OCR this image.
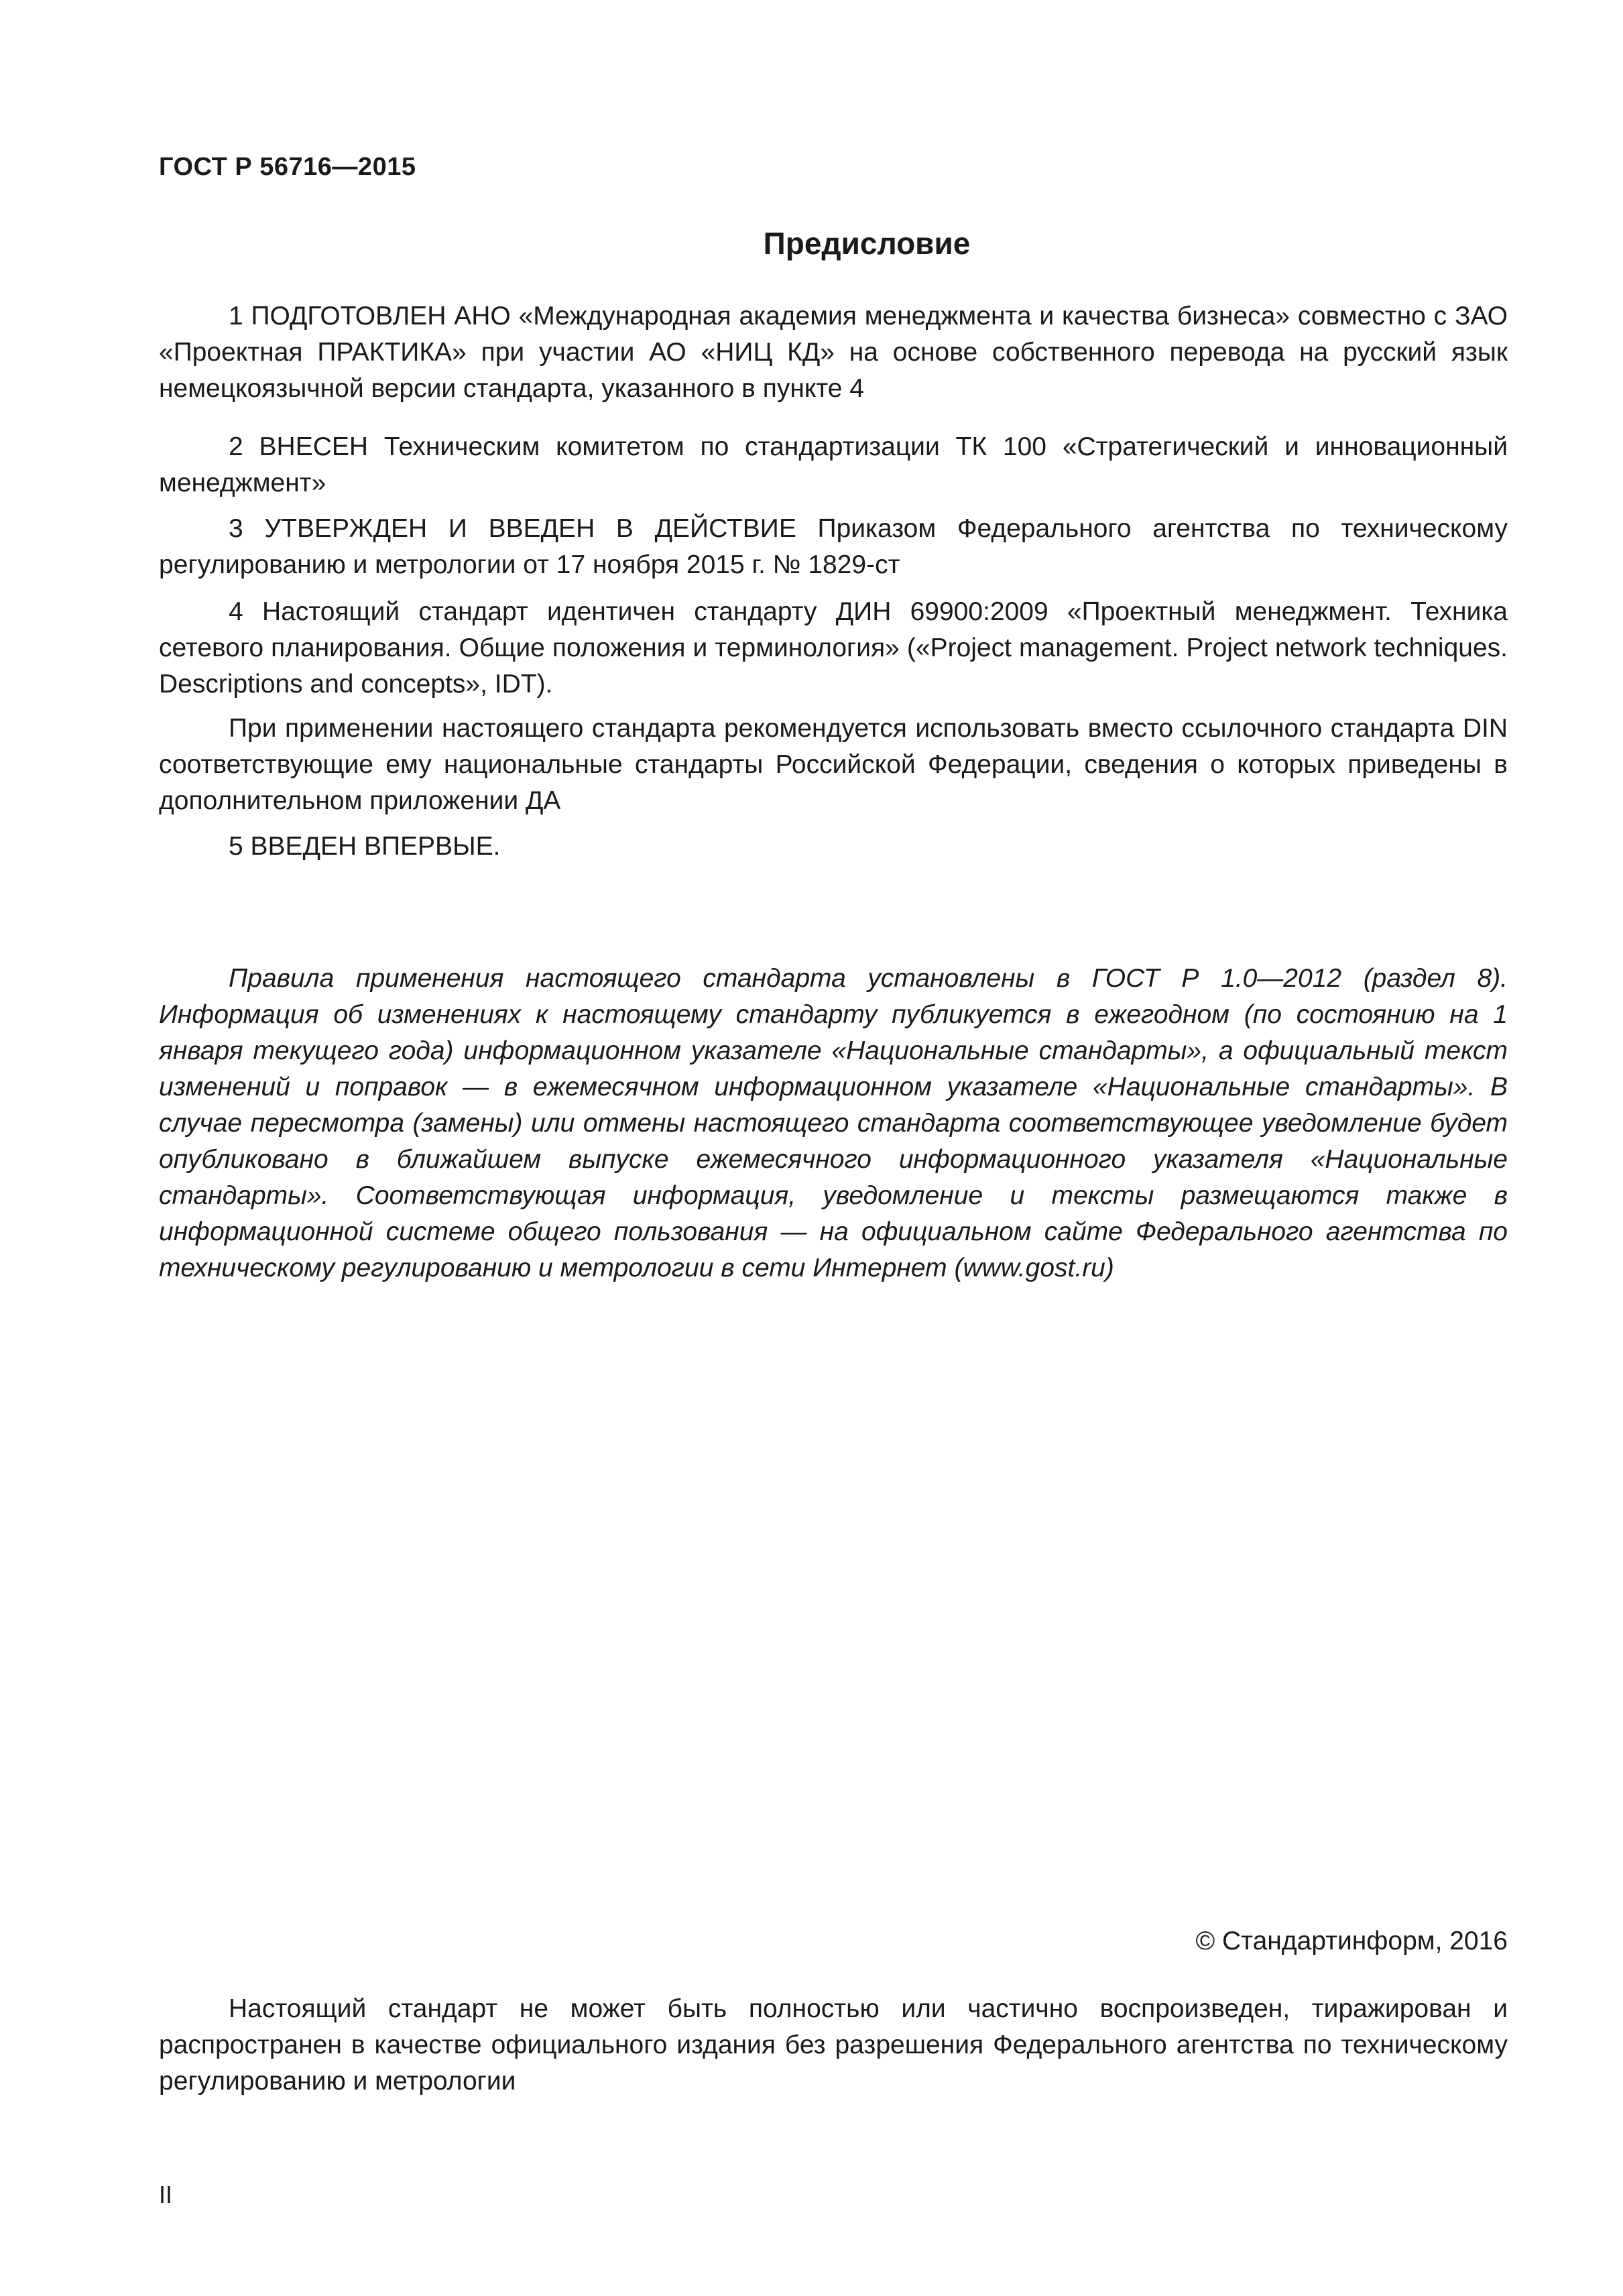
ГОСТ Р 56716—2015
Предисловие

1 ПОДГОТОВЛЕН АНО «Международная академия менеджмента и качества бизнеса» совместно с ЗАО «Проектная ПРАКТИКА» при участии АО «НИЦ КД» на основе собственного перевода на русский язык немецкоязычной версии стандарта, указанного в пункте 4

2 ВНЕСЕН Техническим комитетом по стандартизации ТК 100 «Стратегический и инновационный менеджмент»

3 УТВЕРЖДЕН И ВВЕДЕН В ДЕЙСТВИЕ Приказом Федерального агентства по техническому регулированию и метрологии от 17 ноября 2015 г. № 1829-ст

4 Настоящий стандарт идентичен стандарту ДИН 69900:2009 «Проектный менеджмент. Техника сетевого планирования. Общие положения и терминология» («Project management. Project network techniques. Descriptions and concepts», IDT).

При применении настоящего стандарта рекомендуется использовать вместо ссылочного стандарта DIN соответствующие ему национальные стандарты Российской Федерации, сведения о которых приведены в дополнительном приложении ДА

5 ВВЕДЕН ВПЕРВЫЕ.

Правила применения настоящего стандарта установлены в ГОСТ Р 1.0—2012 (раздел 8). Информация об изменениях к настоящему стандарту публикуется в ежегодном (по состоянию на 1 января текущего года) информационном указателе «Национальные стандарты», а официальный текст изменений и поправок — в ежемесячном информационном указателе «Национальные стандарты». В случае пересмотра (замены) или отмены настоящего стандарта соответствующее уведомление будет опубликовано в ближайшем выпуске ежемесячного информационного указателя «Национальные стандарты». Соответствующая информация, уведомление и тексты размещаются также в информационной системе общего пользования — на официальном сайте Федерального агентства по техническому регулированию и метрологии в сети Интернет (www.gost.ru)

© Стандартинформ, 2016

Настоящий стандарт не может быть полностью или частично воспроизведен, тиражирован и распространен в качестве официального издания без разрешения Федерального агентства по техническому регулированию и метрологии

II
